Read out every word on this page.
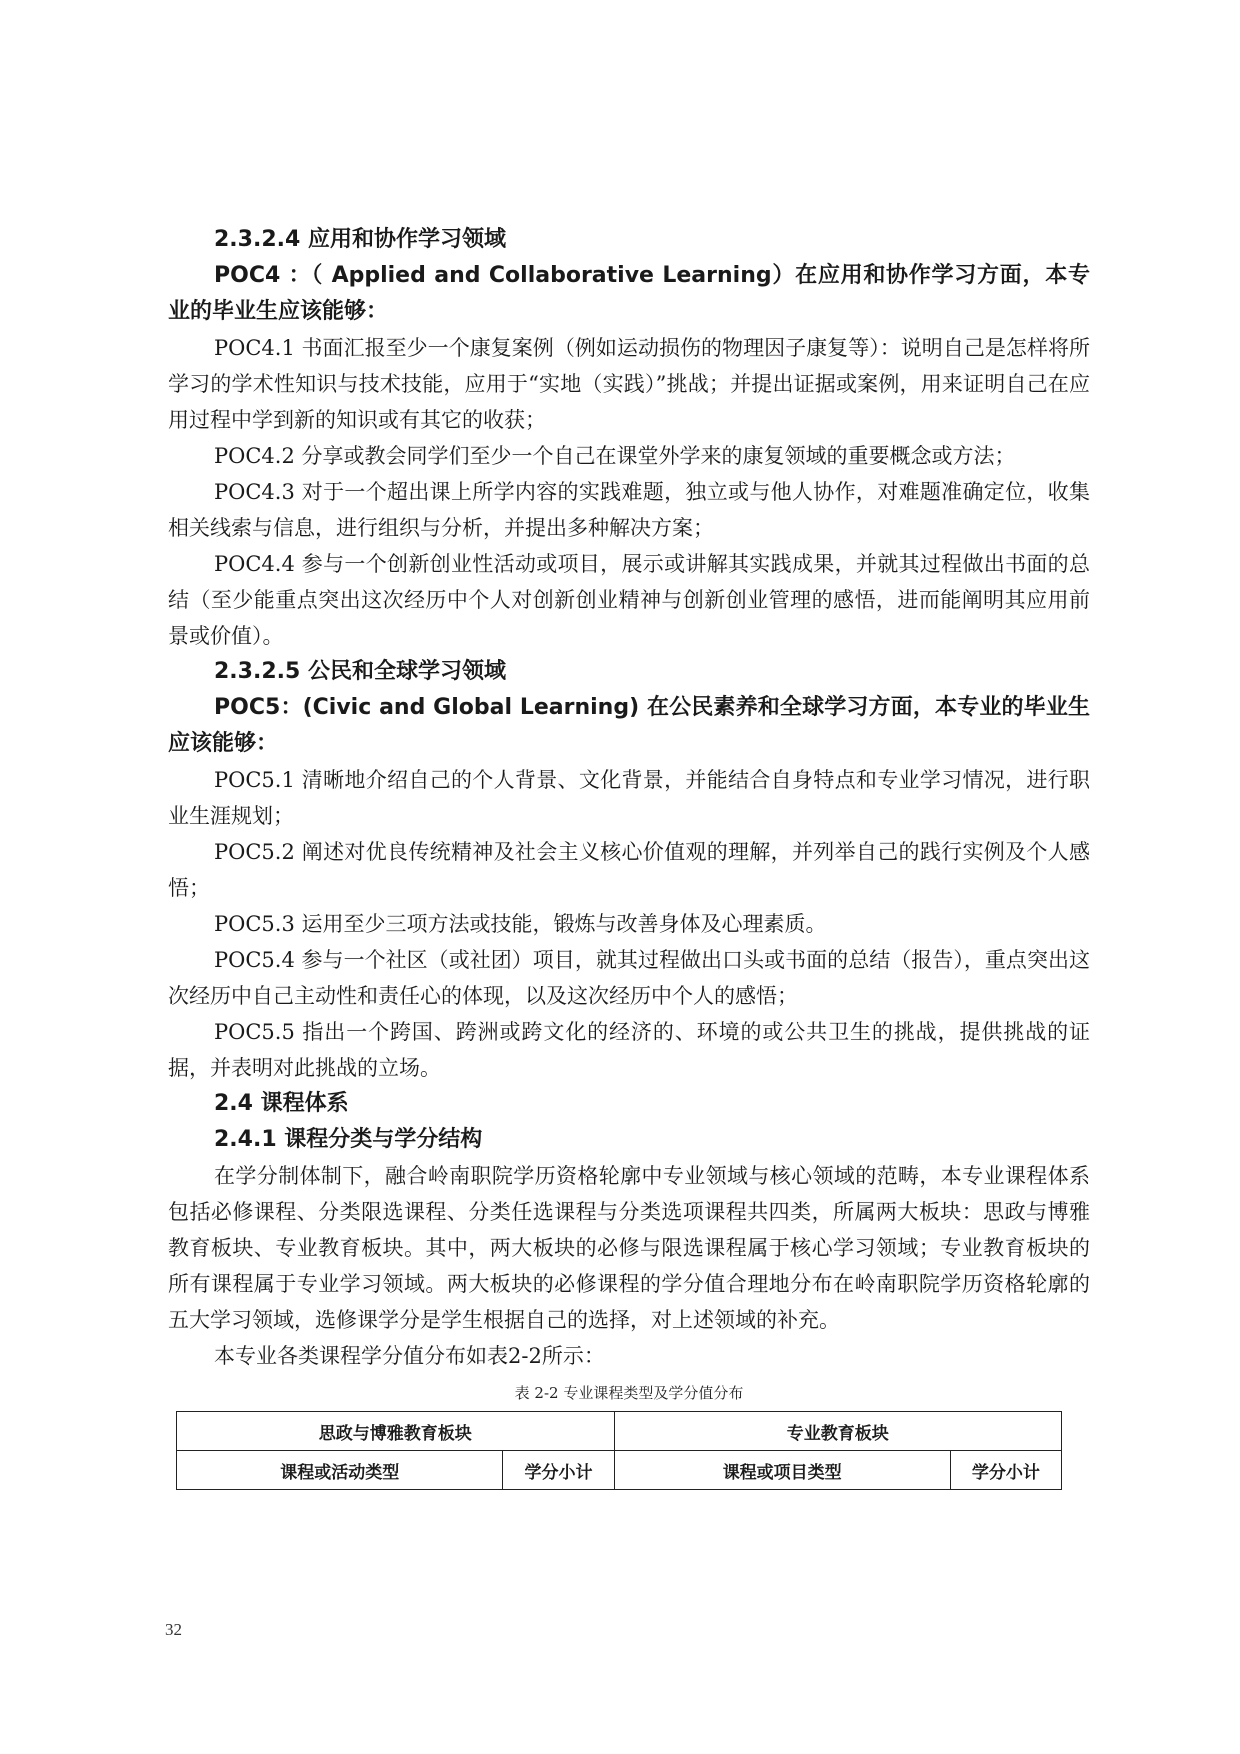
2.3.2.4 应用和协作学习领域

POC4 ：（ Applied and Collaborative Learning）在应用和协作学习方面，本专业的毕业生应该能够：

POC4.1 书面汇报至少一个康复案例（例如运动损伤的物理因子康复等）：说明自己是怎样将所学习的学术性知识与技术技能，应用于“实地（实践）”挑战；并提出证据或案例，用来证明自己在应用过程中学到新的知识或有其它的收获；

POC4.2 分享或教会同学们至少一个自己在课堂外学来的康复领域的重要概念或方法；

POC4.3 对于一个超出课上所学内容的实践难题，独立或与他人协作，对难题准确定位，收集相关线索与信息，进行组织与分析，并提出多种解决方案；

POC4.4 参与一个创新创业性活动或项目，展示或讲解其实践成果，并就其过程做出书面的总结（至少能重点突出这次经历中个人对创新创业精神与创新创业管理的感悟，进而能阐明其应用前景或价值）。

2.3.2.5 公民和全球学习领域

POC5：(Civic and Global Learning) 在公民素养和全球学习方面，本专业的毕业生应该能够：

POC5.1 清晰地介绍自己的个人背景、文化背景，并能结合自身特点和专业学习情况，进行职业生涯规划；

POC5.2 阐述对优良传统精神及社会主义核心价值观的理解，并列举自己的践行实例及个人感悟；

POC5.3 运用至少三项方法或技能，锻炼与改善身体及心理素质。

POC5.4 参与一个社区（或社团）项目，就其过程做出口头或书面的总结（报告），重点突出这次经历中自己主动性和责任心的体现，以及这次经历中个人的感悟；

POC5.5 指出一个跨国、跨洲或跨文化的经济的、环境的或公共卫生的挑战，提供挑战的证据，并表明对此挑战的立场。

2.4 课程体系

2.4.1 课程分类与学分结构

在学分制体制下，融合岭南职院学历资格轮廓中专业领域与核心领域的范畴，本专业课程体系包括必修课程、分类限选课程、分类任选课程与分类选项课程共四类，所属两大板块：思政与博雅教育板块、专业教育板块。其中，两大板块的必修与限选课程属于核心学习领域；专业教育板块的所有课程属于专业学习领域。两大板块的必修课程的学分值合理地分布在岭南职院学历资格轮廓的五大学习领域，选修课学分是学生根据自己的选择，对上述领域的补充。

本专业各类课程学分值分布如表2-2所示：

表 2-2 专业课程类型及学分值分布
思政与博雅教育板块		专业教育板块	
课程或活动类型	学分小计	课程或项目类型	学分小计
32
